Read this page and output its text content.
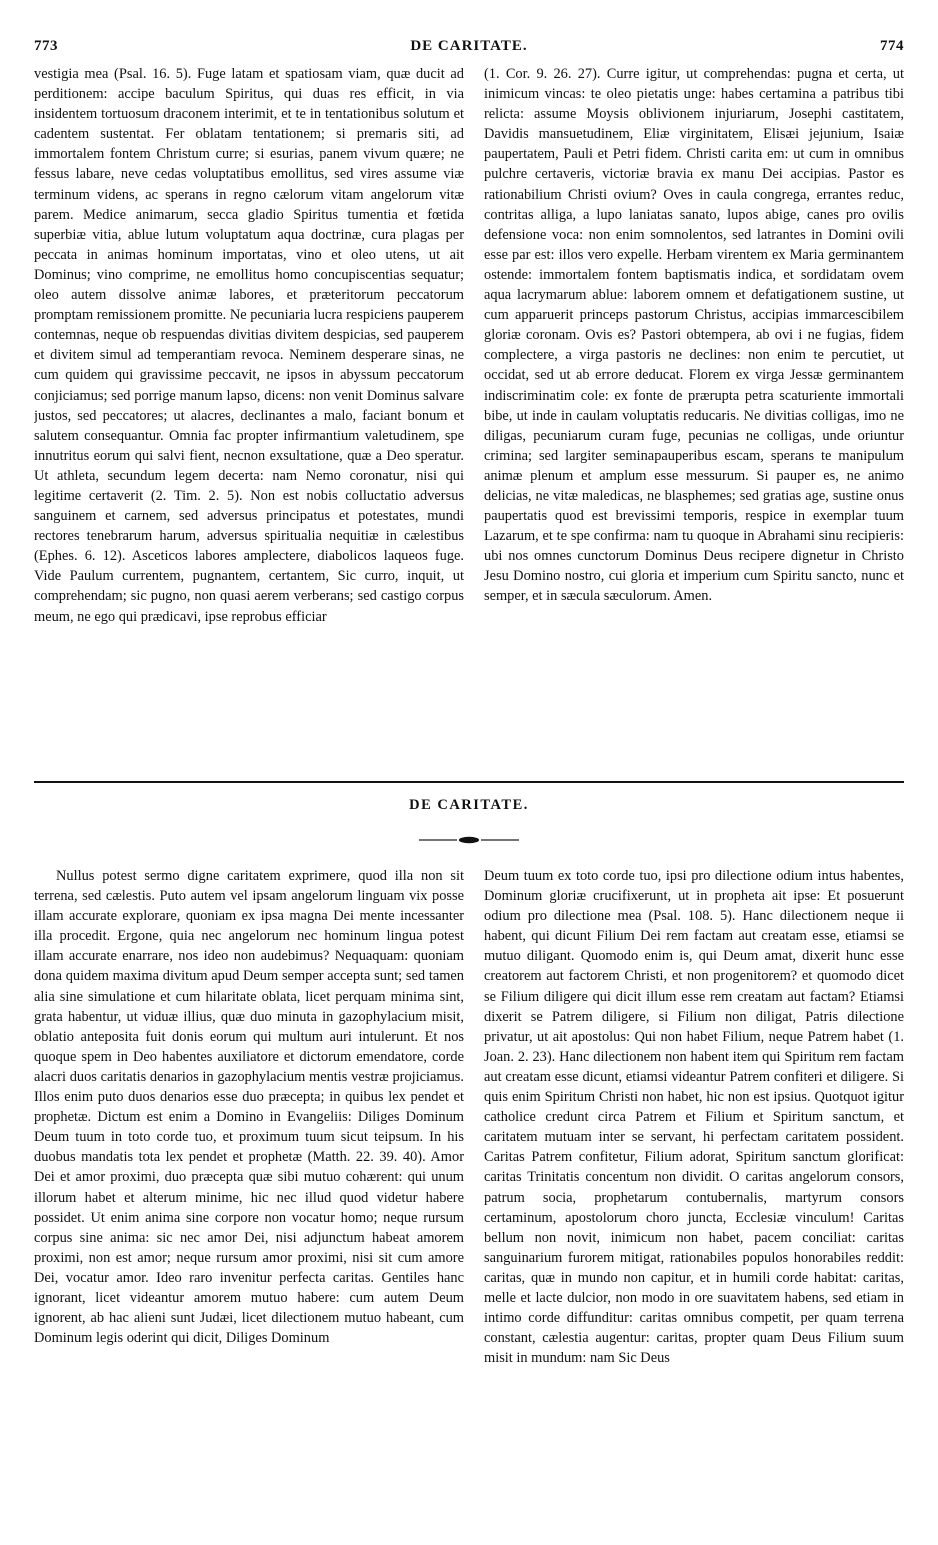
773	DE CARITATE.	774

vestigia mea (Psal. 16. 5). Fuge latam et spatiosam viam, quæ ducit ad perditionem: accipe baculum Spiritus, qui duas res efficit, in via insidentem tortuosum draconem interimit, et te in tentationibus solutum et cadentem sustentat. Fer oblatam tentationem; si premaris siti, ad immortalem fontem Christum curre; si esurias, panem vivum quære; ne fessus labare, neve cedas voluptatibus emollitus, sed vires assume viæ terminum videns, ac sperans in regno cælorum vitam angelorum vitæ parem. Medice animarum, secca gladio Spiritus tumentia et fœtida superbiæ vitia, ablue lutum voluptatum aqua doctrinæ, cura plagas per peccata in animas hominum importatas, vino et oleo utens, ut ait Dominus; vino comprime, ne emollitus homo concupiscentias sequatur; oleo autem dissolve animæ labores, et præteritorum peccatorum promptam remissionem promitte. Ne pecuniaria lucra respiciens pauperem contemnas, neque ob respuendas divitias divitem despicias, sed pauperem et divitem simul ad temperantiam revoca. Neminem desperare sinas, ne cum quidem qui gravissime peccavit, ne ipsos in abyssum peccatorum conjiciamus; sed porrige manum lapso, dicens: non venit Dominus salvare justos, sed peccatores; ut alacres, declinantes a malo, faciant bonum et salutem consequantur. Omnia fac propter infirmantium valetudinem, spe innutritus eorum qui salvi fient, necnon exsultatione, quæ a Deo speratur. Ut athleta, secundum legem decerta: nam Nemo coronatur, nisi qui legitime certaverit (2. Tim. 2. 5). Non est nobis colluctatio adversus sanguinem et carnem, sed adversus principatus et potestates, mundi rectores tenebrarum harum, adversus spiritualia nequitiæ in cælestibus (Ephes. 6. 12). Asceticos labores amplectere, diabolicos laqueos fuge. Vide Paulum currentem, pugnantem, certantem, Sic curro, inquit, ut comprehendam; sic pugno, non quasi aerem verberans; sed castigo corpus meum, ne ego qui prædicavi, ipse reprobus efficiar

(1. Cor. 9. 26. 27). Curre igitur, ut comprehendas: pugna et certa, ut inimicum vincas: te oleo pietatis unge: habes certamina a patribus tibi relicta: assume Moysis oblivionem injuriarum, Josephi castitatem, Davidis mansuetudinem, Eliæ virginitatem, Elisæi jejunium, Isaiæ paupertatem, Pauli et Petri fidem. Christi carita em: ut cum in omnibus pulchre certaveris, victoriæ bravia ex manu Dei accipias. Pastor es rationabilium Christi ovium? Oves in caula congrega, errantes reduc, contritas alliga, a lupo laniatas sanato, lupos abige, canes pro ovilis defensione voca: non enim somnolentos, sed latrantes in Domini ovili esse par est: illos vero expelle. Herbam virentem ex Maria germinantem ostende: immortalem fontem baptismatis indica, et sordidatam ovem aqua lacrymarum ablue: laborem omnem et defatigationem sustine, ut cum apparuerit princeps pastorum Christus, accipias immarcescibilem gloriæ coronam. Ovis es? Pastori obtempera, ab ovi i ne fugias, fidem complectere, a virga pastoris ne declines: non enim te percutiet, ut occidat, sed ut ab errore deducat. Florem ex virga Jessæ germinantem indiscriminatim cole: ex fonte de prærupta petra scaturiente immortali bibe, ut inde in caulam voluptatis reducaris. Ne divitias colligas, imo ne diligas, pecuniarum curam fuge, pecunias ne colligas, unde oriuntur crimina; sed largiter seminapauperibus escam, sperans te manipulum animæ plenum et amplum esse messurum. Si pauper es, ne animo delicias, ne vitæ maledicas, ne blasphemes; sed gratias age, sustine onus paupertatis quod est brevissimi temporis, respice in exemplar tuum Lazarum, et te spe confirma: nam tu quoque in Abrahami sinu recipieris: ubi nos omnes cunctorum Dominus Deus recipere dignetur in Christo Jesu Domino nostro, cui gloria et imperium cum Spiritu sancto, nunc et semper, et in sæcula sæculorum. Amen.

DE CARITATE.

Nullus potest sermo digne caritatem exprimere, quod illa non sit terrena, sed cælestis. Puto autem vel ipsam angelorum linguam vix posse illam accurate explorare, quoniam ex ipsa magna Dei mente incessanter illa procedit. Ergone, quia nec angelorum nec hominum lingua potest illam accurate enarrare, nos ideo non audebimus? Nequaquam: quoniam dona quidem maxima divitum apud Deum semper accepta sunt; sed tamen alia sine simulatione et cum hilaritate oblata, licet perquam minima sint, grata habentur, ut viduæ illius, quæ duo minuta in gazophylacium misit, oblatio anteposita fuit donis eorum qui multum auri intulerunt. Et nos quoque spem in Deo habentes auxiliatore et dictorum emendatore, corde alacri duos caritatis denarios in gazophylacium mentis vestræ projiciamus. Illos enim puto duos denarios esse duo præcepta; in quibus lex pendet et prophetæ. Dictum est enim a Domino in Evangeliis: Diliges Dominum Deum tuum in toto corde tuo, et proximum tuum sicut teipsum. In his duobus mandatis tota lex pendet et prophetæ (Matth. 22. 39. 40). Amor Dei et amor proximi, duo præcepta quæ sibi mutuo cohærent: qui unum illorum habet et alterum minime, hic nec illud quod videtur habere possidet. Ut enim anima sine corpore non vocatur homo; neque rursum corpus sine anima: sic nec amor Dei, nisi adjunctum habeat amorem proximi, non est amor; neque rursum amor proximi, nisi sit cum amore Dei, vocatur amor. Ideo raro invenitur perfecta caritas. Gentiles hanc ignorant, licet videantur amorem mutuo habere: cum autem Deum ignorent, ab hac alieni sunt Judæi, licet dilectionem mutuo habeant, cum Dominum legis oderint qui dicit, Diliges Dominum

Deum tuum ex toto corde tuo, ipsi pro dilectione odium intus habentes, Dominum gloriæ crucifixerunt, ut in propheta ait ipse: Et posuerunt odium pro dilectione mea (Psal. 108. 5). Hanc dilectionem neque ii habent, qui dicunt Filium Dei rem factam aut creatam esse, etiamsi se mutuo diligant. Quomodo enim is, qui Deum amat, dixerit hunc esse creatorem aut factorem Christi, et non progenitorem? et quomodo dicet se Filium diligere qui dicit illum esse rem creatam aut factam? Etiamsi dixerit se Patrem diligere, si Filium non diligat, Patris dilectione privatur, ut ait apostolus: Qui non habet Filium, neque Patrem habet (1. Joan. 2. 23). Hanc dilectionem non habent item qui Spiritum rem factam aut creatam esse dicunt, etiamsi videantur Patrem confiteri et diligere. Si quis enim Spiritum Christi non habet, hic non est ipsius. Quotquot igitur catholice credunt circa Patrem et Filium et Spiritum sanctum, et caritatem mutuam inter se servant, hi perfectam caritatem possident. Caritas Patrem confitetur, Filium adorat, Spiritum sanctum glorificat: caritas Trinitatis concentum non dividit. O caritas angelorum consors, patrum socia, prophetarum contubernalis, martyrum consors certaminum, apostolorum choro juncta, Ecclesiæ vinculum! Caritas bellum non novit, inimicum non habet, pacem conciliat: caritas sanguinarium furorem mitigat, rationabiles populos honorabiles reddit: caritas, quæ in mundo non capitur, et in humili corde habitat: caritas, melle et lacte dulcior, non modo in ore suavitatem habens, sed etiam in intimo corde diffunditur: caritas omnibus competit, per quam terrena constant, cælestia augentur: caritas, propter quam Deus Filium suum misit in mundum: nam Sic Deus
